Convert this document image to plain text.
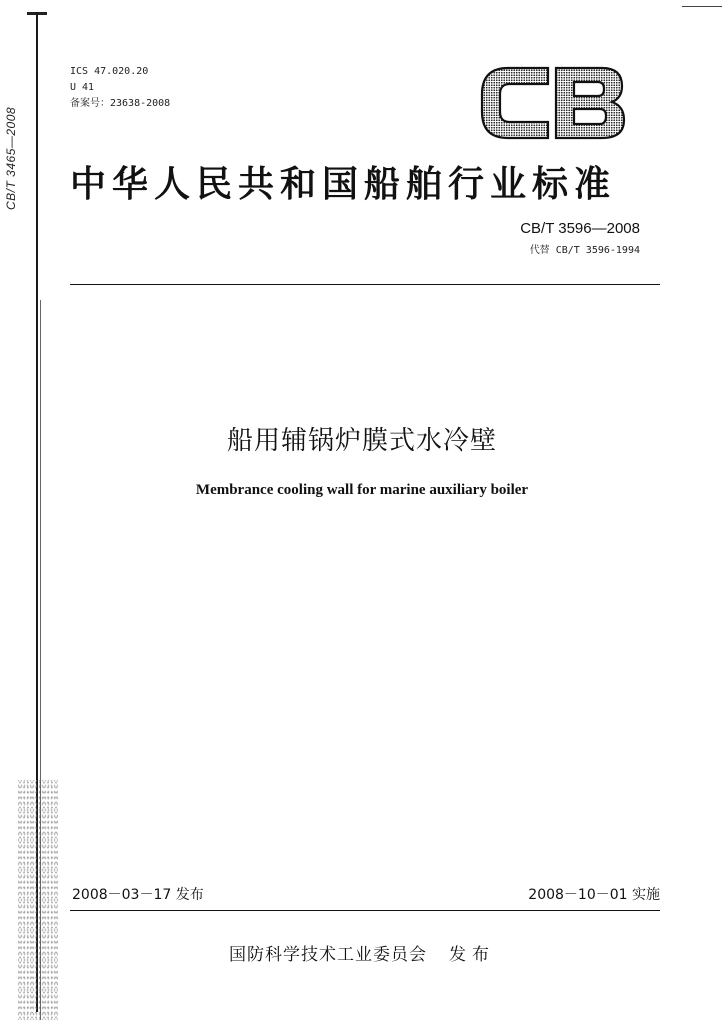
CB/T 3465—2008
ICS 47.020.20
U 41
备案号：23638-2008
中华人民共和国船舶行业标准
CB/T 3596—2008
代替 CB/T 3596-1994
船用辅锅炉膜式水冷壁
Membrance cooling wall for marine auxiliary boiler
2008－03－17 发布	2008－10－01 实施
国防科学技术工业委员会 发布
